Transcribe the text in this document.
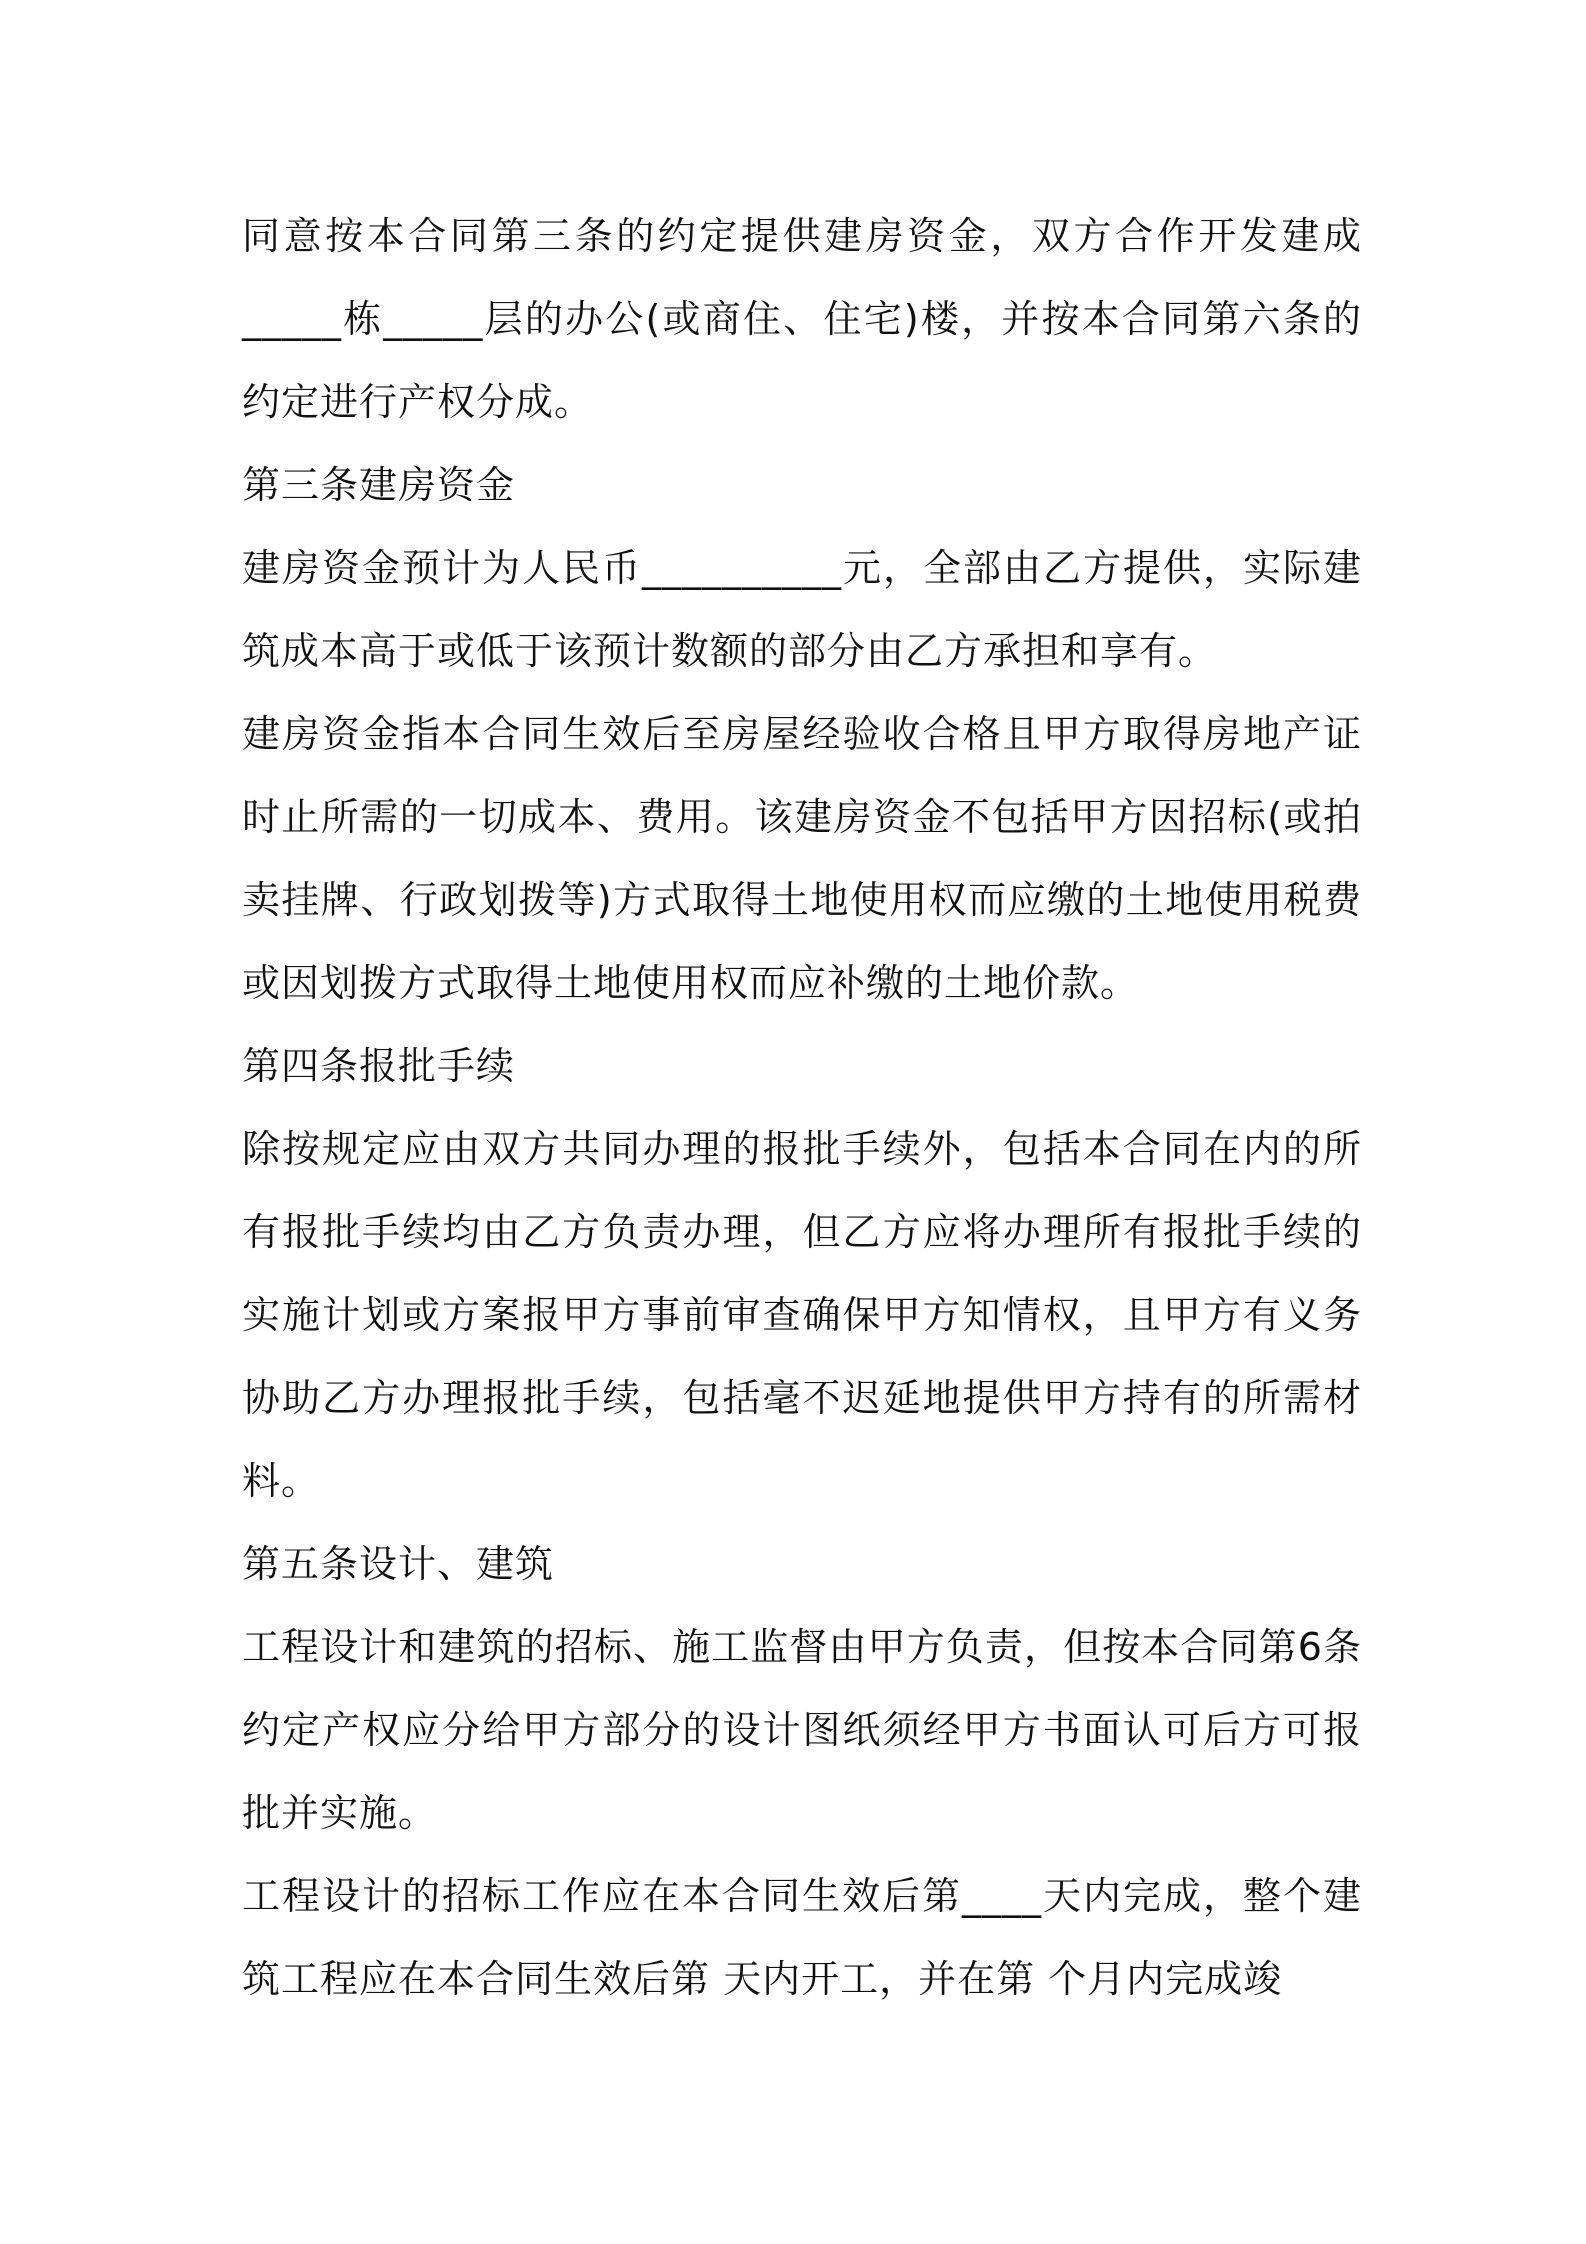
同意按本合同第三条的约定提供建房资金，双方合作开发建成_____栋_____层的办公(或商住、住宅)楼，并按本合同第六条的约定进行产权分成。

第三条建房资金

建房资金预计为人民币__________元，全部由乙方提供，实际建筑成本高于或低于该预计数额的部分由乙方承担和享有。

建房资金指本合同生效后至房屋经验收合格且甲方取得房地产证时止所需的一切成本、费用。该建房资金不包括甲方因招标(或拍卖挂牌、行政划拨等)方式取得土地使用权而应缴的土地使用税费或因划拨方式取得土地使用权而应补缴的土地价款。

第四条报批手续

除按规定应由双方共同办理的报批手续外，包括本合同在内的所有报批手续均由乙方负责办理，但乙方应将办理所有报批手续的实施计划或方案报甲方事前审查确保甲方知情权，且甲方有义务协助乙方办理报批手续，包括毫不迟延地提供甲方持有的所需材料。

第五条设计、建筑

工程设计和建筑的招标、施工监督由甲方负责，但按本合同第6条约定产权应分给甲方部分的设计图纸须经甲方书面认可后方可报批并实施。

工程设计的招标工作应在本合同生效后第____天内完成，整个建筑工程应在本合同生效后第 天内开工，并在第 个月内完成竣
